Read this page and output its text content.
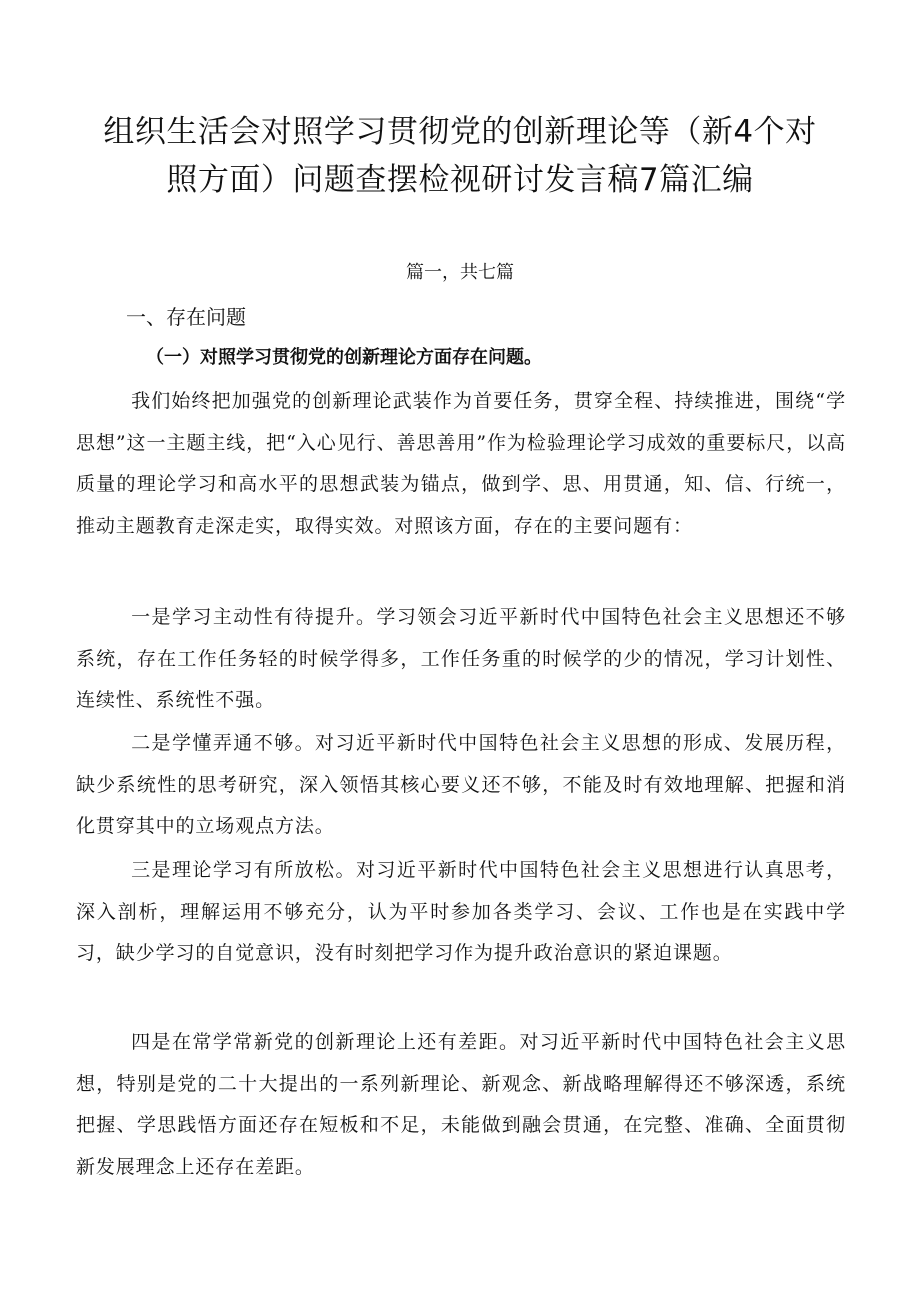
组织生活会对照学习贯彻党的创新理论等（新4个对照方面）问题查摆检视研讨发言稿7篇汇编
篇一，共七篇
一、存在问题
（一）对照学习贯彻党的创新理论方面存在问题。

我们始终把加强党的创新理论武装作为首要任务，贯穿全程、持续推进，围绕“学思想”这一主题主线，把“入心见行、善思善用”作为检验理论学习成效的重要标尺，以高质量的理论学习和高水平的思想武装为锚点，做到学、思、用贯通，知、信、行统一，推动主题教育走深走实，取得实效。对照该方面，存在的主要问题有：

一是学习主动性有待提升。学习领会习近平新时代中国特色社会主义思想还不够系统，存在工作任务轻的时候学得多，工作任务重的时候学的少的情况，学习计划性、连续性、系统性不强。

二是学懂弄通不够。对习近平新时代中国特色社会主义思想的形成、发展历程，缺少系统性的思考研究，深入领悟其核心要义还不够，不能及时有效地理解、把握和消化贯穿其中的立场观点方法。

三是理论学习有所放松。对习近平新时代中国特色社会主义思想进行认真思考，深入剖析，理解运用不够充分，认为平时参加各类学习、会议、工作也是在实践中学习，缺少学习的自觉意识，没有时刻把学习作为提升政治意识的紧迫课题。

四是在常学常新党的创新理论上还有差距。对习近平新时代中国特色社会主义思想，特别是党的二十大提出的一系列新理论、新观念、新战略理解得还不够深透，系统把握、学思践悟方面还存在短板和不足，未能做到融会贯通，在完整、准确、全面贯彻新发展理念上还存在差距。
